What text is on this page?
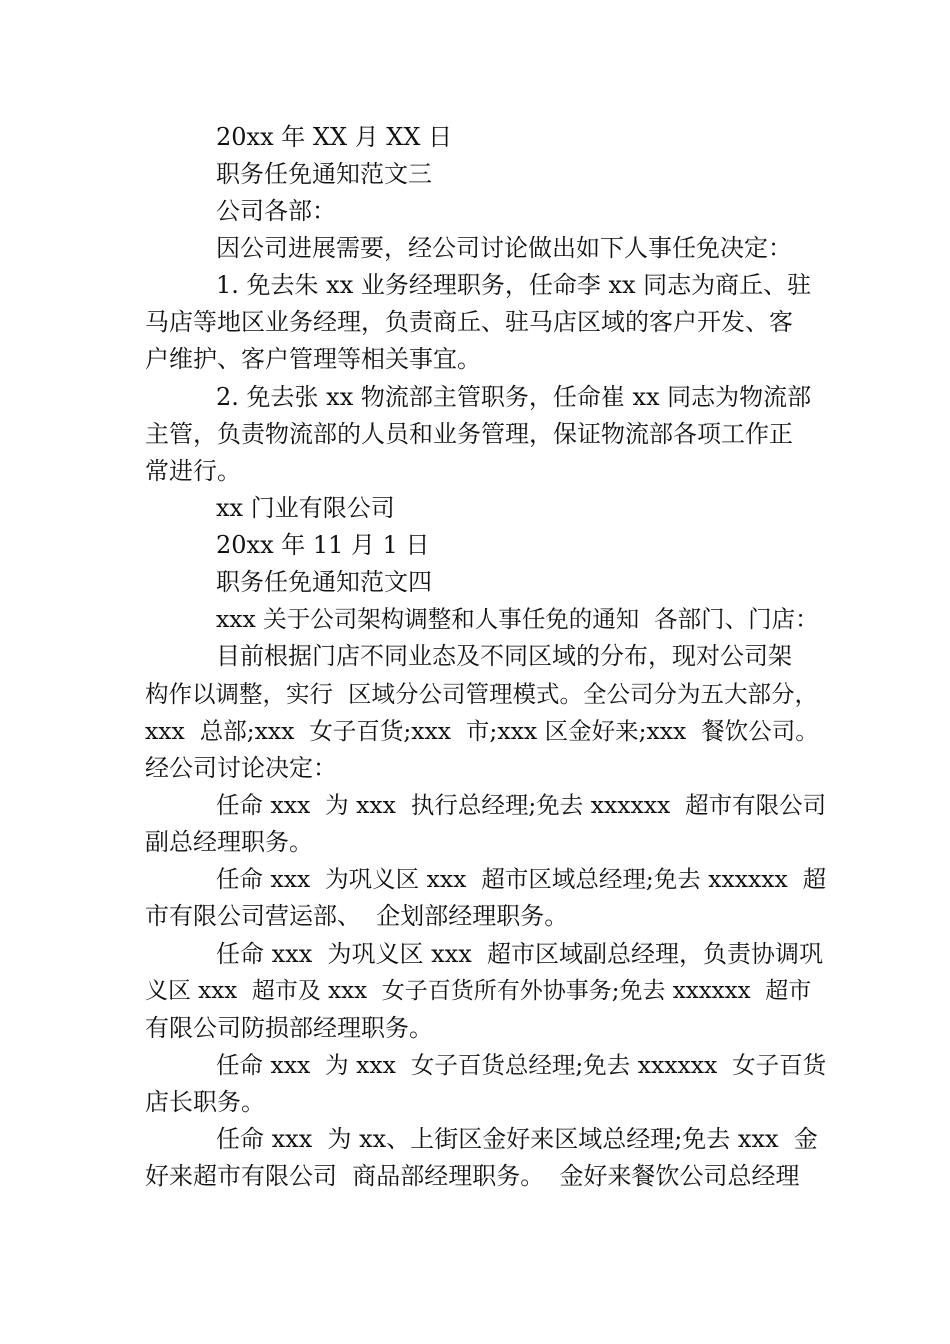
20xx 年 XX 月 XX 日
职务任免通知范文三
公司各部：
因公司进展需要，经公司讨论做出如下人事任免决定：
1. 免去朱 xx 业务经理职务，任命李 xx 同志为商丘、驻
马店等地区业务经理，负责商丘、驻马店区域的客户开发、客
户维护、客户管理等相关事宜。
2. 免去张 xx 物流部主管职务，任命崔 xx 同志为物流部
主管，负责物流部的人员和业务管理，保证物流部各项工作正
常进行。
xx 门业有限公司
20xx 年 11 月 1 日
职务任免通知范文四
xxx 关于公司架构调整和人事任免的通知  各部门、门店：
目前根据门店不同业态及不同区域的分布，现对公司架
构作以调整，实行  区域分公司管理模式。全公司分为五大部分，
xxx  总部;xxx  女子百货;xxx  市;xxx 区金好来;xxx  餐饮公司。
经公司讨论决定：
任命 xxx  为 xxx  执行总经理;免去 xxxxxx  超市有限公司
副总经理职务。
任命 xxx  为巩义区 xxx  超市区域总经理;免去 xxxxxx  超
市有限公司营运部、  企划部经理职务。
任命 xxx  为巩义区 xxx  超市区域副总经理，负责协调巩
义区 xxx  超市及 xxx  女子百货所有外协事务;免去 xxxxxx  超市
有限公司防损部经理职务。
任命 xxx  为 xxx  女子百货总经理;免去 xxxxxx  女子百货
店长职务。
任命 xxx  为 xx、上街区金好来区域总经理;免去 xxx  金
好来超市有限公司  商品部经理职务。  金好来餐饮公司总经理
